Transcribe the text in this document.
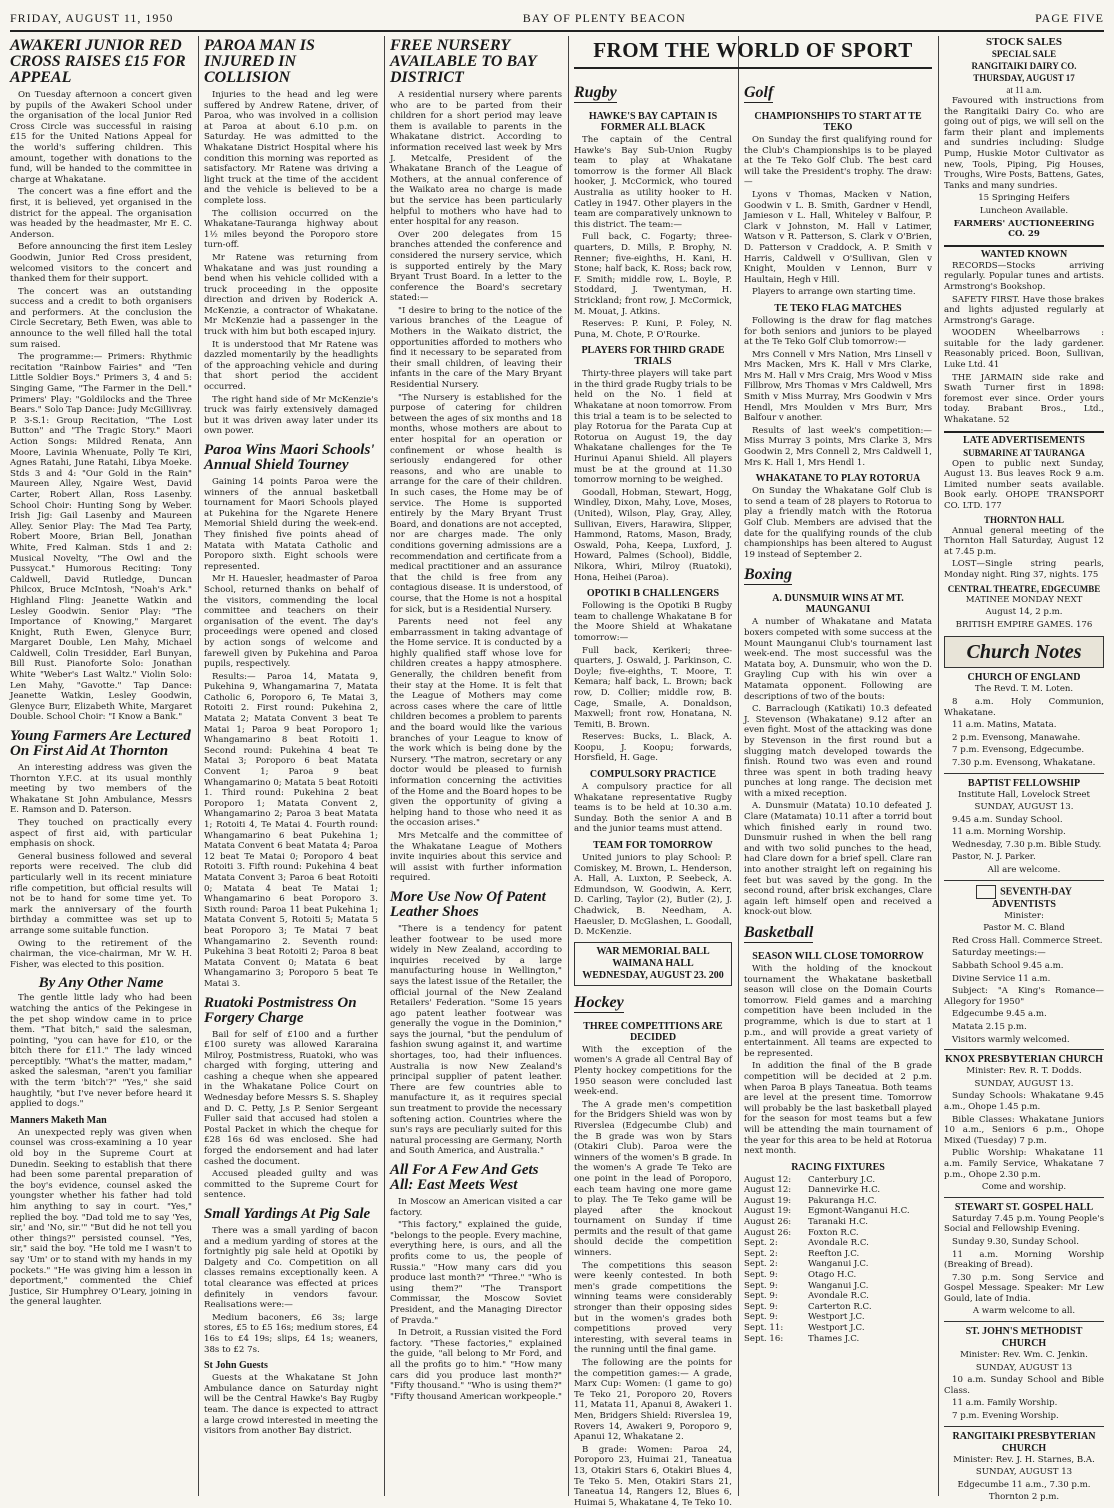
FRIDAY, AUGUST 11, 1950	BAY OF PLENTY BEACON	PAGE FIVE
AWAKERI JUNIOR RED CROSS RAISES £15 FOR APPEAL

On Tuesday afternoon a concert given by pupils of the Awakeri School under the organisation of the local Junior Red Cross Circle was successful in raising £15 for the United Nations Appeal for the world's suffering children. This amount, together with donations to the fund, will be handed to the committee in charge at Whakatane.

The concert was a fine effort and the first, it is believed, yet organised in the district for the appeal. The organisation was headed by the headmaster, Mr E. C. Anderson.

Before announcing the first item Lesley Goodwin, Junior Red Cross president, welcomed visitors to the concert and thanked them for their support.

The concert was an outstanding success and a credit to both organisers and performers. At the conclusion the Circle Secretary, Beth Ewen, was able to announce to the well filled hall the total sum raised.

The programme:— Primers: Rhythmic recitation "Rainbow Fairies" and "Ten Little Soldier Boys." Primers 3, 4 and 5: Singing Game, "The Farmer in the Dell." Primers' Play: "Goldilocks and the Three Bears." Solo Tap Dance: Judy McGillivray. P. 3-S.1: Group Recitation, "The Lost Button" and "The Tragic Story." Maori Action Songs: Mildred Renata, Ann Moore, Lavinia Whenuate, Polly Te Kiri, Agnes Ratahi, June Ratahi, Libya Moeke. Stds 3 and 4: "Our Gold in the Rain" Maureen Alley, Ngaire West, David Carter, Robert Allan, Ross Lasenby. School Choir: Hunting Song by Weber. Irish Jig: Gail Lasenby and Maureen Alley. Senior Play: The Mad Tea Party, Robert Moore, Brian Bell, Jonathan White, Fred Kalman. Stds 1 and 2: Musical Novelty, "The Owl and the Pussycat." Humorous Reciting: Tony Caldwell, David Rutledge, Duncan Philcox, Bruce McIntosh, "Noah's Ark." Highland Fling: Jeanette Watkin and Lesley Goodwin. Senior Play: "The Importance of Knowing," Margaret Knight, Ruth Ewen, Glenyce Burr, Margaret Double, Len Mahy, Michael Caldwell, Colin Tresidder, Earl Bunyan, Bill Rust. Pianoforte Solo: Jonathan White "Weber's Last Waltz." Violin Solo: Len Mahy, "Gavotte." Tap Dance: Jeanette Watkin, Lesley Goodwin, Glenyce Burr, Elizabeth White, Margaret Double. School Choir: "I Know a Bank."

Young Farmers Are Lectured On First Aid At Thornton

An interesting address was given the Thornton Y.F.C. at its usual monthly meeting by two members of the Whakatane St John Ambulance, Messrs E. Ramson and D. Paterson.

They touched on practically every aspect of first aid, with particular emphasis on shock.

General business followed and several reports were received. The club did particularly well in its recent miniature rifle competition, but official results will not be to hand for some time yet. To mark the anniversary of the fourth birthday a committee was set up to arrange some suitable function.

Owing to the retirement of the chairman, the vice-chairman, Mr W. H. Fisher, was elected to this position.

By Any Other Name

The gentle little lady who had been watching the antics of the Pekingese in the pet shop window came in to price them. "That bitch," said the salesman, pointing, "you can have for £10, or the bitch there for £11." The lady winced perceptibly. "What's the matter, madam," asked the salesman, "aren't you familiar with the term 'bitch'?" "Yes," she said haughtily, "but I've never before heard it applied to dogs."

Manners Maketh Man

An unexpected reply was given when counsel was cross-examining a 10 year old boy in the Supreme Court at Dunedin. Seeking to establish that there had been some parental preparation of the boy's evidence, counsel asked the youngster whether his father had told him anything to say in court. "Yes," replied the boy. "Dad told me to say 'Yes, sir,' and 'No, sir.'" "But did he not tell you other things?" persisted counsel. "Yes, sir," said the boy. "He told me I wasn't to say 'Um' or to stand with my hands in my pockets." "He was giving him a lesson in deportment," commented the Chief Justice, Sir Humphrey O'Leary, joining in the general laughter.

PAROA MAN IS INJURED IN COLLISION

Injuries to the head and leg were suffered by Andrew Ratene, driver, of Paroa, who was involved in a collision at Paroa at about 6.10 p.m. on Saturday. He was admitted to the Whakatane District Hospital where his condition this morning was reported as satisfactory. Mr Ratene was driving a light truck at the time of the accident and the vehicle is believed to be a complete loss.

The collision occurred on the Whakatane-Tauranga highway about 1½ miles beyond the Poroporo store turn-off.

Mr Ratene was returning from Whakatane and was just rounding a bend when his vehicle collided with a truck proceeding in the opposite direction and driven by Roderick A. McKenzie, a contractor of Whakatane. Mr McKenzie had a passenger in the truck with him but both escaped injury.

It is understood that Mr Ratene was dazzled momentarily by the headlights of the approaching vehicle and during that short period the accident occurred.

The right hand side of Mr McKenzie's truck was fairly extensively damaged but it was driven away later under its own power.

Paroa Wins Maori Schools' Annual Shield Tourney

Gaining 14 points Paroa were the winners of the annual basketball tournament for Maori Schools played at Pukehina for the Ngarete Henere Memorial Shield during the week-end. They finished five points ahead of Matata with Matata Catholic and Poroporo sixth. Eight schools were represented.

Mr H. Hauesler, headmaster of Paroa School, returned thanks on behalf of the visitors, commending the local committee and teachers on their organisation of the event. The day's proceedings were opened and closed by action songs of welcome and farewell given by Pukehina and Paroa pupils, respectively.

Results:— Paroa 14, Matata 9, Pukehina 9, Whangamarina 7, Matata Catholic 6, Poroporo 6, Te Matai 3, Rotoiti 2. First round: Pukehina 2, Matata 2; Matata Convent 3 beat Te Matai 1; Paroa 9 beat Poroporo 1; Whangamarino 8 beat Rotoiti 1. Second round: Pukehina 4 beat Te Matai 3; Poroporo 6 beat Matata Convent 1; Paroa 9 beat Whangamarino 0; Matata 5 beat Rotoiti 1. Third round: Pukehina 2 beat Poroporo 1; Matata Convent 2, Whangamarino 2; Paroa 3 beat Matata 1; Rotoiti 4, Te Matai 4. Fourth round: Whangamarino 6 beat Pukehina 1; Matata Convent 6 beat Matata 4; Paroa 12 beat Te Matai 0; Poroporo 4 beat Rotoiti 3. Fifth round: Pukehina 4 beat Matata Convent 3; Paroa 6 beat Rotoiti 0; Matata 4 beat Te Matai 1; Whangamarino 6 beat Poroporo 3. Sixth round: Paroa 11 beat Pukehina 1; Matata Convent 5, Rotoiti 5; Matata 5 beat Poroporo 3; Te Matai 7 beat Whangamarino 2. Seventh round: Pukehina 3 beat Rotoiti 2; Paroa 8 beat Matata Convent 0; Matata 6 beat Whangamarino 3; Poroporo 5 beat Te Matai 3.

Ruatoki Postmistress On Forgery Charge

Bail for self of £100 and a further £100 surety was allowed Kararaina Milroy, Postmistress, Ruatoki, who was charged with forging, uttering and cashing a cheque when she appeared in the Whakatane Police Court on Wednesday before Messrs S. S. Shapley and D. C. Petty, J.s P. Senior Sergeant Fuller said that accused had stolen a Postal Packet in which the cheque for £28 16s 6d was enclosed. She had forged the endorsement and had later cashed the document.

Accused pleaded guilty and was committed to the Supreme Court for sentence.

Small Yardings At Pig Sale

There was a small yarding of bacon and a medium yarding of stores at the fortnightly pig sale held at Opotiki by Dalgety and Co. Competition on all classes remains exceptionally keen. A total clearance was effected at prices definitely in vendors favour. Realisations were:—

Medium baconers, £6 3s; large stores, £5 to £5 16s; medium stores, £4 16s to £4 19s; slips, £4 1s; weaners, 38s to £2 7s.

St John Guests

Guests at the Whakatane St John Ambulance dance on Saturday night will be the Central Hawke's Bay Rugby team. The dance is expected to attract a large crowd interested in meeting the visitors from another Bay district.

FREE NURSERY AVAILABLE TO BAY DISTRICT

A residential nursery where parents who are to be parted from their children for a short period may leave them is available to parents in the Whakatane district. According to information received last week by Mrs J. Metcalfe, President of the Whakatane Branch of the League of Mothers, at the annual conference of the Waikato area no charge is made but the service has been particularly helpful to mothers who have had to enter hospital for any reason.

Over 200 delegates from 15 branches attended the conference and considered the nursery service, which is supported entirely by the Mary Bryant Trust Board. In a letter to the conference the Board's secretary stated:—

"I desire to bring to the notice of the various branches of the League of Mothers in the Waikato district, the opportunities afforded to mothers who find it necessary to be separated from their small children, of leaving their infants in the care of the Mary Bryant Residential Nursery.

"The Nursery is established for the purpose of catering for children between the ages of six months and 18 months, whose mothers are about to enter hospital for an operation or confinement or whose health is seriously endangered for other reasons, and who are unable to arrange for the care of their children. In such cases, the Home may be of service. The Home is supported entirely by the Mary Bryant Trust Board, and donations are not accepted, nor are charges made. The only conditions governing admissions are a recommendation and certificate from a medical practitioner and an assurance that the child is free from any contagious disease. It is understood, of course, that the Home is not a hospital for sick, but is a Residential Nursery.

Parents need not feel any embarrassment in taking advantage of the Home service. It is conducted by a highly qualified staff whose love for children creates a happy atmosphere. Generally, the children benefit from their stay at the Home. It is felt that the League of Mothers may come across cases where the care of little children becomes a problem to parents and the board would like the various branches of your League to know of the work which is being done by the Nursery. "The matron, secretary or any doctor would be pleased to furnish information concerning the activities of the Home and the Board hopes to be given the opportunity of giving a helping hand to those who need it as the occasion arises."

Mrs Metcalfe and the committee of the Whakatane League of Mothers invite inquiries about this service and will assist with further information required.

More Use Now Of Patent Leather Shoes

"There is a tendency for patent leather footwear to be used more widely in New Zealand, according to inquiries received by a large manufacturing house in Wellington," says the latest issue of the Retailer, the official journal of the New Zealand Retailers' Federation. "Some 15 years ago patent leather footwear was generally the vogue in the Dominion," says the journal, "but the pendulum of fashion swung against it, and wartime shortages, too, had their influences. Australia is now New Zealand's principal supplier of patent leather. There are few countries able to manufacture it, as it requires special sun treatment to provide the necessary softening action. Countries where the sun's rays are peculiarly suited for this natural processing are Germany, North and South America, and Australia."

All For A Few And Gets All: East Meets West

In Moscow an American visited a car factory.

"This factory," explained the guide, "belongs to the people. Every machine, everything here, is ours, and all the profits come to us, the people of Russia." "How many cars did you produce last month?" "Three." "Who is using them?" "The Transport Commissar, the Moscow Soviet President, and the Managing Director of Pravda."

In Detroit, a Russian visited the Ford factory. "These factories," explained the guide, "all belong to Mr Ford, and all the profits go to him." "How many cars did you produce last month?" "Fifty thousand." "Who is using them?" "Fifty thousand American workpeople."

FROM THE WORLD OF SPORT
Rugby
HAWKE'S BAY CAPTAIN IS FORMER ALL BLACK

The captain of the Central Hawke's Bay Sub-Union Rugby team to play at Whakatane tomorrow is the former All Black hooker, J. McCormick, who toured Australia as utility hooker to H. Catley in 1947. Other players in the team are comparatively unknown to this district. The team:—

Full back, C. Fogarty; three-quarters, D. Mills, P. Brophy, N. Renner; five-eighths, H. Kani, H. Stone; half back, K. Ross; back row, F. Smith; middle row, L. Boyle, P. Stoddard, J. Twentyman, H. Strickland; front row, J. McCormick, M. Mouat, J. Atkins.

Reserves: P. Kuni, P. Foley, N. Puna, M. Chote, P. O'Rourke.

PLAYERS FOR THIRD GRADE TRIALS

Thirty-three players will take part in the third grade Rugby trials to be held on the No. 1 field at Whakatane at noon tomorrow. From this trial a team is to be selected to play Rotorua for the Parata Cup at Rotorua on August 19, the day Whakatane challenges for the Te Hurinui Apanui Shield. All players must be at the ground at 11.30 tomorrow morning to be weighed.

Goodall, Hobman, Stewart, Hogg, Windley, Dixon, Mahy, Love, Moses, (United), Wilson, Play, Gray, Alley, Sullivan, Eivers, Harawira, Slipper, Hammond, Ratoms, Mason, Brady, Oswald, Poha, Keepa, Luxford, J. Howard, Palmes (School), Biddle, Nikora, Whiri, Milroy (Ruatoki), Hona, Heihei (Paroa).

OPOTIKI B CHALLENGERS

Following is the Opotiki B Rugby team to challenge Whakatane B for the Moore Shield at Whakatane tomorrow:—

Full back, Kerikeri; three-quarters, J. Oswald, J. Parkinson, C. Doyle; five-eighths, T. Moore, T. Kemara; half back, L. Brown; back row, D. Collier; middle row, B. Cage, Smaile, A. Donaldson, Maxwell; front row, Honatana, N. Temiti, B. Brown.

Reserves: Bucks, L. Black, A. Koopu, J. Koopu; forwards, Horsfield, H. Gage.

COMPULSORY PRACTICE

A compulsory practice for all Whakatane representative Rugby teams is to be held at 10.30 a.m. Sunday. Both the senior A and B and the junior teams must attend.

TEAM FOR TOMORROW

United juniors to play School: P. Comiskey, M. Brown, L. Henderson, A. Hall, A. Luxton, P. Seebeck, A. Edmundson, W. Goodwin, A. Kerr, D. Carling, Taylor (2), Butler (2), J. Chadwick, B. Needham, A. Haeusler, D. McGlashen, L. Goodall, D. McKenzie.

WAR MEMORIAL BALL
WAIMANA HALL
WEDNESDAY, AUGUST 23. 200
Hockey
THREE COMPETITIONS ARE DECIDED

With the exception of the women's A grade all Central Bay of Plenty hockey competitions for the 1950 season were concluded last week-end.

The A grade men's competition for the Bridgers Shield was won by Riverslea (Edgecumbe Club) and the B grade was won by Stars (Otakiri Club). Paroa were the winners of the women's B grade. In the women's A grade Te Teko are one point in the lead of Poroporo, each team having one more game to play. The Te Teko game will be played after the knockout tournament on Sunday if time permits and the result of that game should decide the competition winners.

The competitions this season were keenly contested. In both men's grade competitions the winning teams were considerably stronger than their opposing sides but in the women's grades both competitions proved very interesting, with several teams in the running until the final game.

The following are the points for the competition games:— A grade, Marx Cup: Women: (1 game to go) Te Teko 21, Poroporo 20, Rovers 11, Matata 11, Apanui 8, Awakeri 1. Men, Bridgers Shield: Riverslea 19, Rovers 14, Awakeri 9, Poroporo 9, Apanui 12, Whakatane 2.

B grade: Women: Paroa 24, Poroporo 23, Huimai 21, Taneatua 13, Otakiri Stars 6, Otakiri Blues 4, Te Teko 5. Men, Otakiri Stars 21, Taneatua 14, Rangers 12, Blues 6, Huimai 5, Whakatane 4, Te Teko 10.

Golf
CHAMPIONSHIPS TO START AT TE TEKO

On Sunday the first qualifying round for the Club's Championships is to be played at the Te Teko Golf Club. The best card will take the President's trophy. The draw:—

Lyons v Thomas, Macken v Nation, Goodwin v L. B. Smith, Gardner v Hendl, Jamieson v L. Hall, Whiteley v Balfour, P. Clark v Johnston, M. Hall v Latimer, Watson v R. Patterson, S. Clark v O'Brien, D. Patterson v Craddock, A. P. Smith v Harris, Caldwell v O'Sullivan, Glen v Knight, Moulden v Lennon, Burr v Haultain, Hegh v Hill.

Players to arrange own starting time.

TE TEKO FLAG MATCHES

Following is the draw for flag matches for both seniors and juniors to be played at the Te Teko Golf Club tomorrow:—

Mrs Connell v Mrs Nation, Mrs Linsell v Mrs Macken, Mrs K. Hall v Mrs Clarke, Mrs M. Hall v Mrs Craig, Mrs Wood v Miss Fillbrow, Mrs Thomas v Mrs Caldwell, Mrs Smith v Miss Murray, Mrs Goodwin v Mrs Hendl, Mrs Moulden v Mrs Burr, Mrs Balfour v another.

Results of last week's competition:—Miss Murray 3 points, Mrs Clarke 3, Mrs Goodwin 2, Mrs Connell 2, Mrs Caldwell 1, Mrs K. Hall 1, Mrs Hendl 1.

WHAKATANE TO PLAY ROTORUA

On Sunday the Whakatane Golf Club is to send a team of 28 players to Rotorua to play a friendly match with the Rotorua Golf Club. Members are advised that the date for the qualifying rounds of the club championships has been altered to August 19 instead of September 2.

Boxing
A. DUNSMUIR WINS AT MT. MAUNGANUI

A number of Whakatane and Matata boxers competed with some success at the Mount Maunganui Club's tournament last week-end. The most successful was the Matata boy, A. Dunsmuir, who won the D. Grayling Cup with his win over a Matamata opponent. Following are descriptions of two of the bouts:

C. Barraclough (Katikati) 10.3 defeated J. Stevenson (Whakatane) 9.12 after an even fight. Most of the attacking was done by Stevenson in the first round but a slugging match developed towards the finish. Round two was even and round three was spent in both trading heavy punches at long range. The decision met with a mixed reception.

A. Dunsmuir (Matata) 10.10 defeated J. Clare (Matamata) 10.11 after a torrid bout which finished early in round two. Dunsmuir rushed in when the bell rang and with two solid punches to the head, had Clare down for a brief spell. Clare ran into another straight left on regaining his feet but was saved by the gong. In the second round, after brisk exchanges, Clare again left himself open and received a knock-out blow.

Basketball
SEASON WILL CLOSE TOMORROW

With the holding of the knockout tournament the Whakatane basketball season will close on the Domain Courts tomorrow. Field games and a marching competition have been included in the programme, which is due to start at 1 p.m., and will provide a great variety of entertainment. All teams are expected to be represented.

In addition the final of the B grade competition will be decided at 2 p.m. when Paroa B plays Taneatua. Both teams are level at the present time. Tomorrow will probably be the last basketball played for the season for most teams but a few will be attending the main tournament of the year for this area to be held at Rotorua next month.

RACING FIXTURES
August 12:	Canterbury J.C.
August 12:	Dannevirke H.C.
August 19:	Pakuranga H.C.
August 19:	Egmont-Wanganui H.C.
August 26:	Taranaki H.C.
August 26:	Foxton R.C.
Sept. 2:	Avondale R.C.
Sept. 2:	Reefton J.C.
Sept. 2:	Wanganui J.C.
Sept. 9:	Otago H.C.
Sept. 9:	Wanganui J.C.
Sept. 9:	Avondale R.C.
Sept. 9:	Carterton R.C.
Sept. 9:	Westport J.C.
Sept. 11:	Westport J.C.
Sept. 16:	Thames J.C.
STOCK SALES
SPECIAL SALE
RANGITAIKI DAIRY CO.
THURSDAY, AUGUST 17
at 11 a.m.

Favoured with instructions from the Rangitaiki Dairy Co. who are going out of pigs, we will sell on the farm their plant and implements and sundries including: Sludge Pump, Huskie Motor Cultivator as new, Tools, Piping, Pig Houses, Troughs, Wire Posts, Battens, Gates, Tanks and many sundries.

15 Springing Heifers

Luncheon Available.

FARMERS' AUCTIONEERING CO. 29

WANTED KNOWN

RECORDS—Stocks arriving regularly. Popular tunes and artists. Armstrong's Bookshop.

SAFETY FIRST. Have those brakes and lights adjusted regularly at Armstrong's Garage.

WOODEN Wheelbarrows : suitable for the lady gardener. Reasonably priced. Boon, Sullivan, Luke Ltd. 41

THE JARMAIN side rake and Swath Turner first in 1898: foremost ever since. Order yours today. Brabant Bros., Ltd., Whakatane. 52

LATE ADVERTISEMENTS
SUBMARINE AT TAURANGA

Open to public next Sunday, August 13. Bus leaves Rock 9 a.m. Limited number seats available. Book early. OHOPE TRANSPORT CO. LTD. 177

THORNTON HALL

Annual general meeting of the Thornton Hall Saturday, August 12 at 7.45 p.m.

LOST—Single string pearls, Monday night. Ring 37, nights. 175

CENTRAL THEATRE, EDGECUMBE

MATINEE MONDAY NEXT

August 14, 2 p.m.

BRITISH EMPIRE GAMES. 176

Church Notes
CHURCH OF ENGLAND

The Revd. T. M. Loten.

8 a.m. Holy Communion, Whakatane.

11 a.m. Matins, Matata.

2 p.m. Evensong, Manawahe.

7 p.m. Evensong, Edgecumbe.

7.30 p.m. Evensong, Whakatane.

BAPTIST FELLOWSHIP

Institute Hall, Lovelock Street

SUNDAY, AUGUST 13.

9.45 a.m. Sunday School.

11 a.m. Morning Worship.

Wednesday, 7.30 p.m. Bible Study.

Pastor, N. J. Parker.

All are welcome.

SEVENTH-DAY
ADVENTISTS

Minister:

Pastor M. C. Bland

Red Cross Hall. Commerce Street.

Saturday meetings:—

Sabbath School 9.45 a.m.

Divine Service 11 a.m.

Subject: "A King's Romance—Allegory for 1950"

Edgecumbe 9.45 a.m.

Matata 2.15 p.m.

Visitors warmly welcomed.

KNOX PRESBYTERIAN CHURCH

Minister: Rev. R. T. Dodds.

SUNDAY, AUGUST 13.

Sunday Schools: Whakatane 9.45 a.m., Ohope 1.45 p.m.

Bible Classes: Whakatane Juniors 10 a.m., Seniors 6 p.m., Ohope Mixed (Tuesday) 7 p.m.

Public Worship: Whakatane 11 a.m. Family Service, Whakatane 7 p.m., Ohope 2.30 p.m.

Come and worship.

STEWART ST. GOSPEL HALL

Saturday 7.45 p.m. Young People's Social and Fellowship Evening.

Sunday 9.30, Sunday School.

11 a.m. Morning Worship (Breaking of Bread).

7.30 p.m. Song Service and Gospel Message. Speaker: Mr Lew Gould, late of India.

A warm welcome to all.

ST. JOHN'S METHODIST CHURCH

Minister: Rev. Wm. C. Jenkin.

SUNDAY, AUGUST 13

10 a.m. Sunday School and Bible Class.

11 a.m. Family Worship.

7 p.m. Evening Worship.

RANGITAIKI PRESBYTERIAN CHURCH

Minister: Rev. J. H. Starnes, B.A.

SUNDAY, AUGUST 13

Edgecumbe 11 a.m., 7.30 p.m.

Thornton 2 p.m.
